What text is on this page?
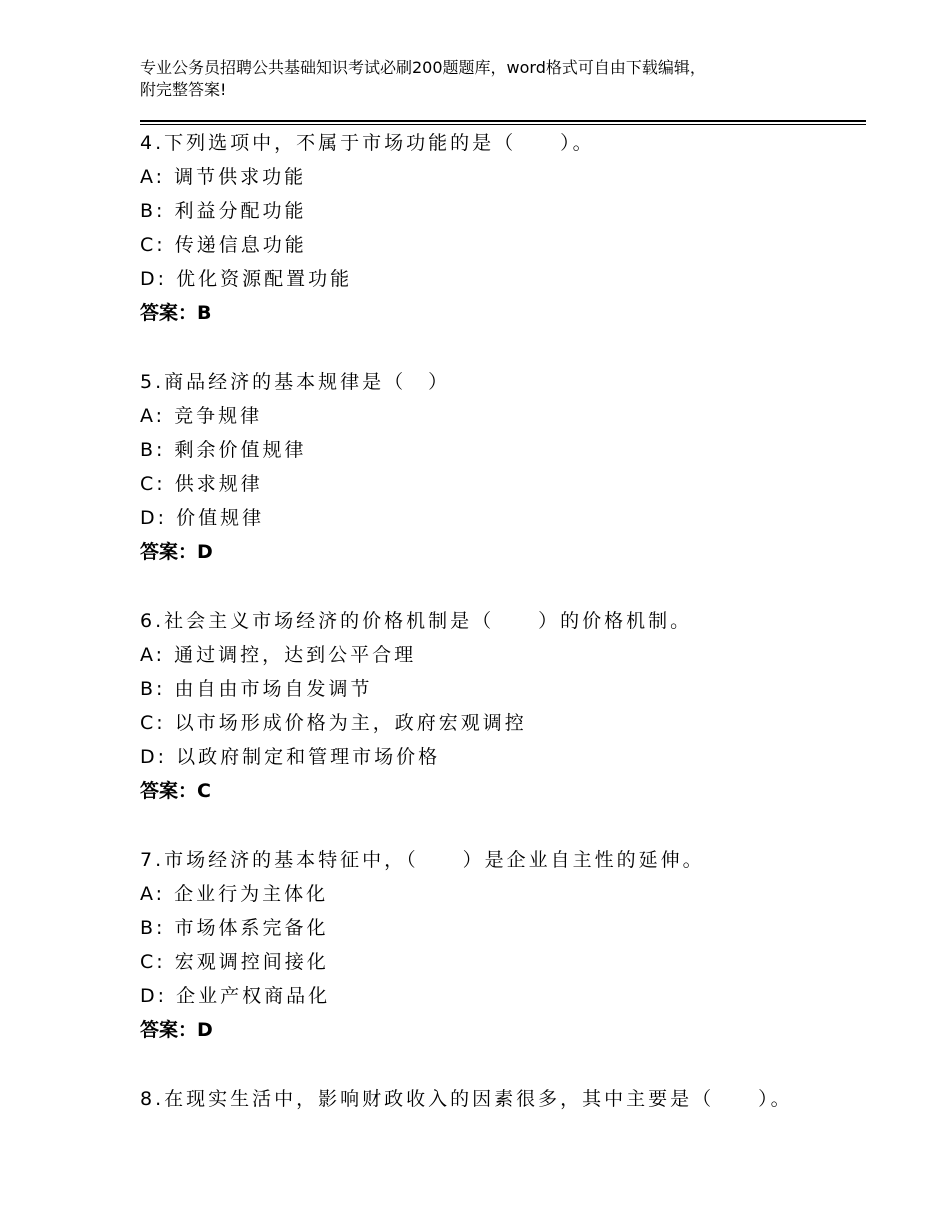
专业公务员招聘公共基础知识考试必刷200题题库，word格式可自由下载编辑，
附完整答案!
4.下列选项中，不属于市场功能的是（　　）。
A: 调节供求功能
B: 利益分配功能
C: 传递信息功能
D: 优化资源配置功能
答案：B
5.商品经济的基本规律是（　）
A: 竞争规律
B: 剩余价值规律
C: 供求规律
D: 价值规律
答案：D
6.社会主义市场经济的价格机制是（　　）的价格机制。
A: 通过调控，达到公平合理
B: 由自由市场自发调节
C: 以市场形成价格为主，政府宏观调控
D: 以政府制定和管理市场价格
答案：C
7.市场经济的基本特征中，（　　）是企业自主性的延伸。
A: 企业行为主体化
B: 市场体系完备化
C: 宏观调控间接化
D: 企业产权商品化
答案：D
8.在现实生活中，影响财政收入的因素很多，其中主要是（　　）。
